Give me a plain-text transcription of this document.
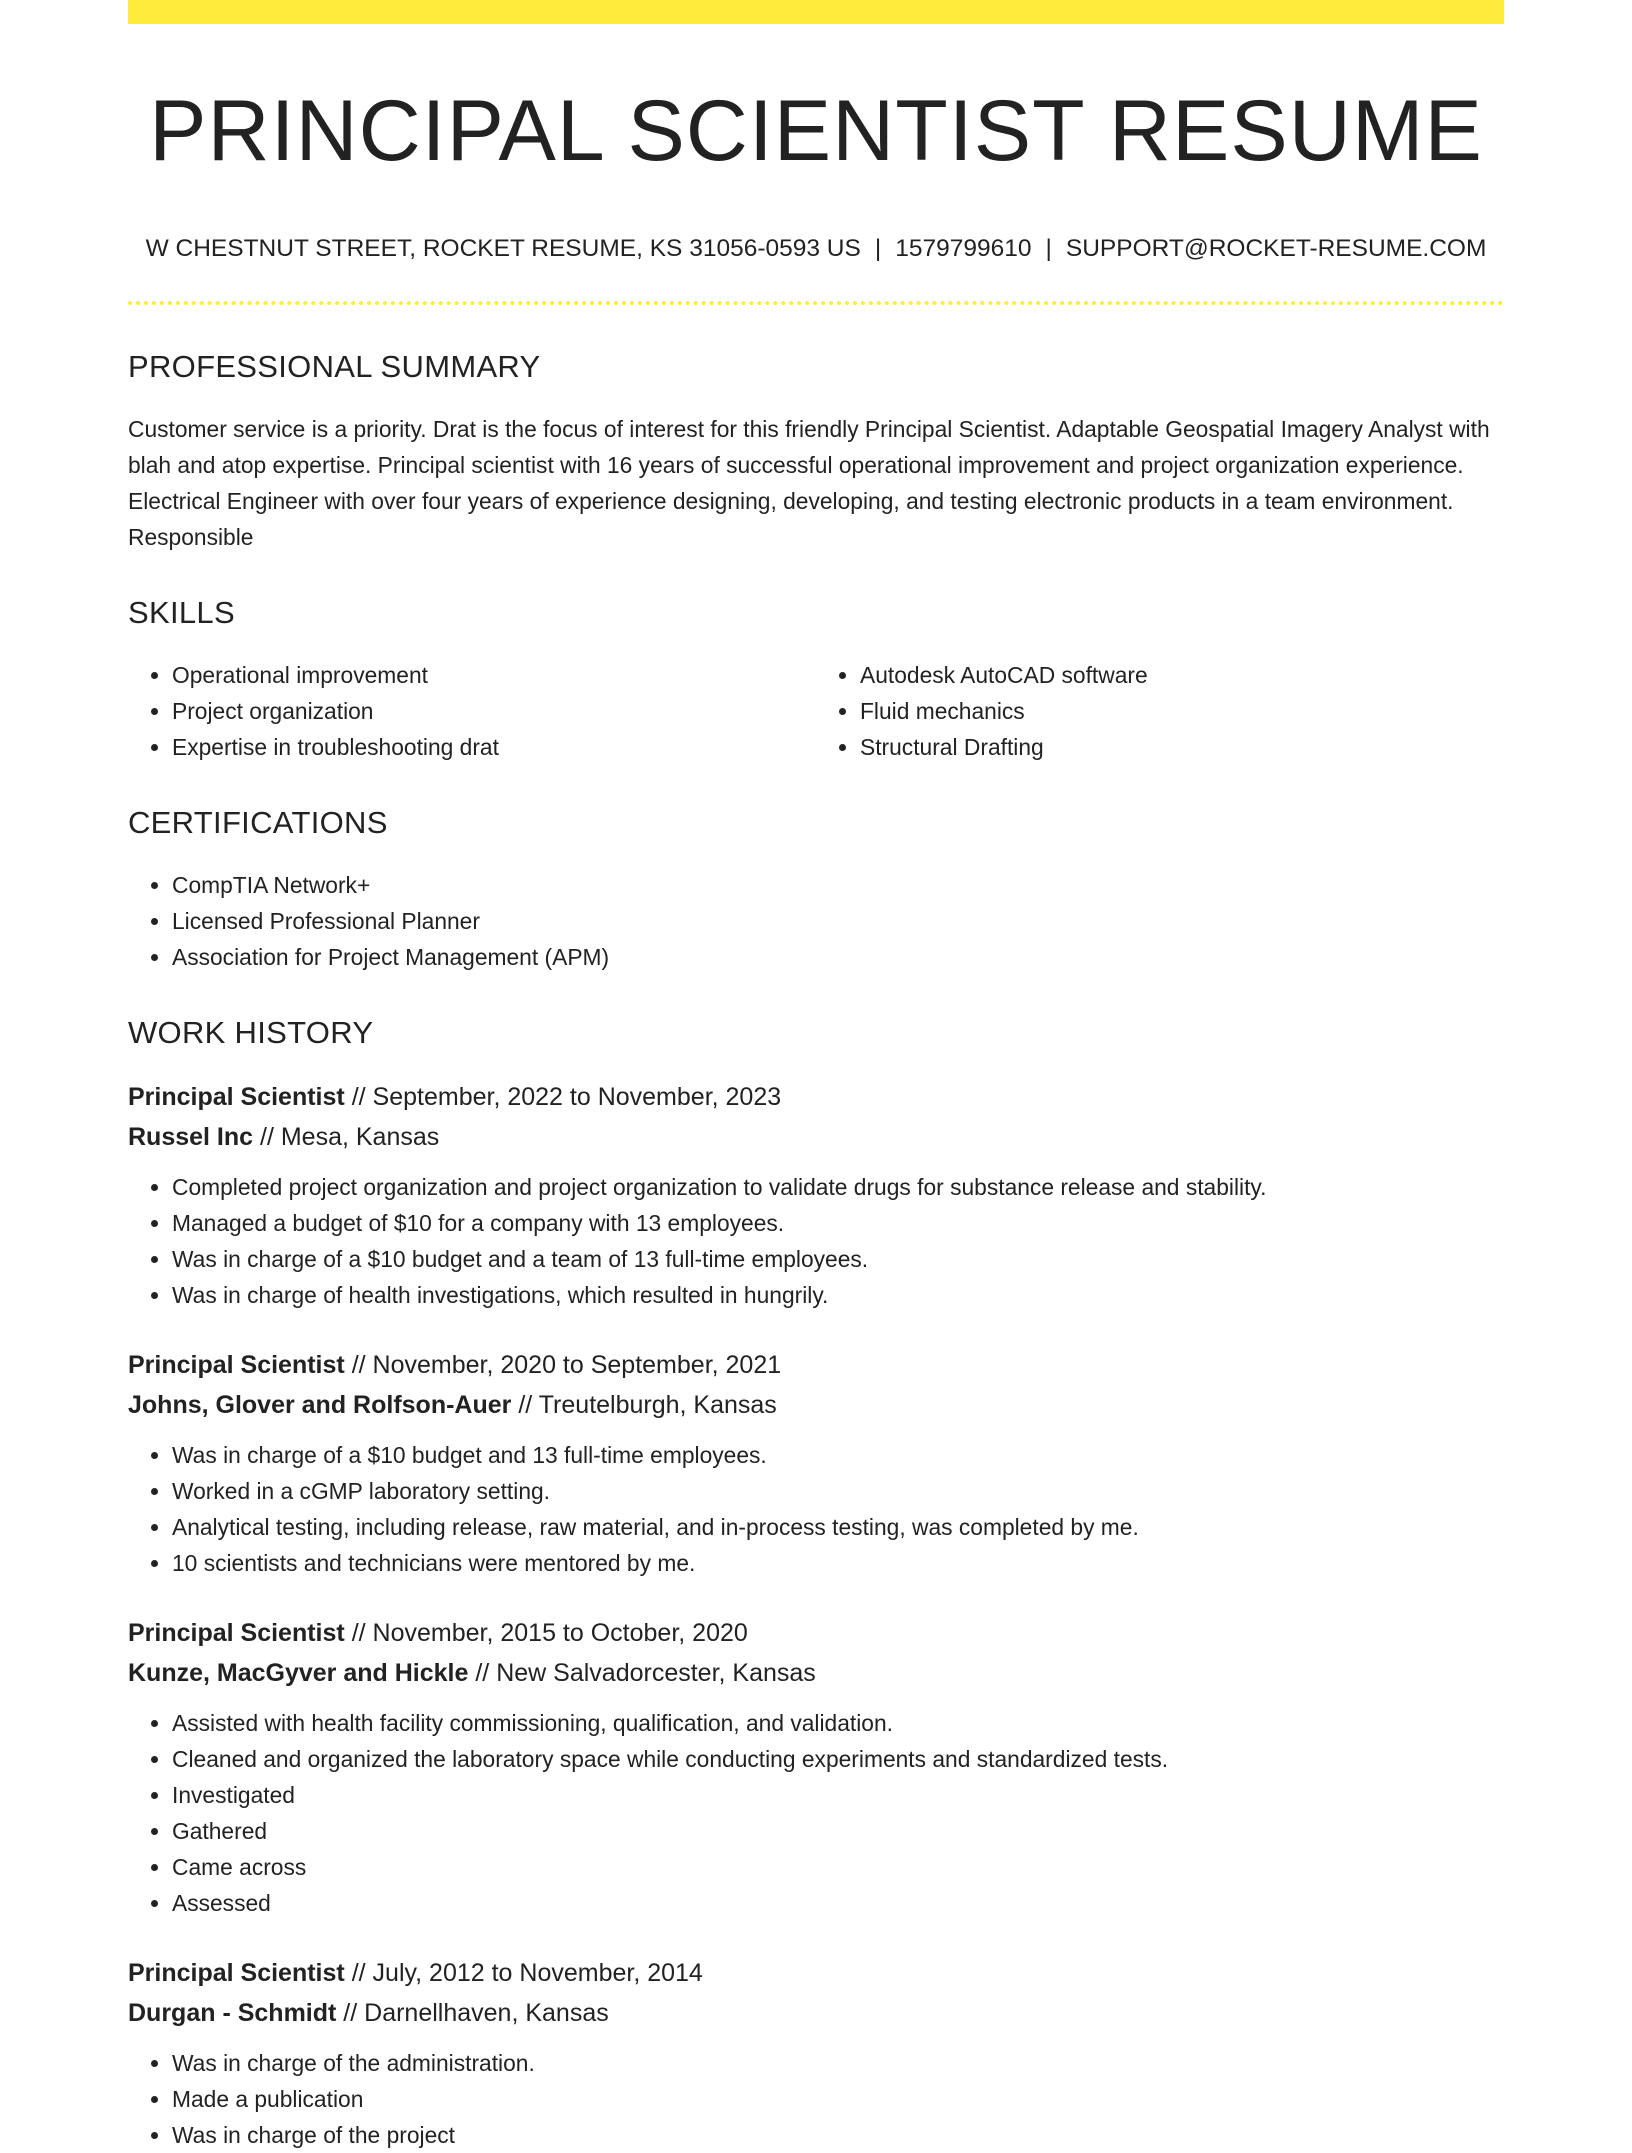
PRINCIPAL SCIENTIST RESUME
W CHESTNUT STREET, ROCKET RESUME, KS 31056-0593 US | 1579799610 | SUPPORT@ROCKET-RESUME.COM
PROFESSIONAL SUMMARY
Customer service is a priority. Drat is the focus of interest for this friendly Principal Scientist. Adaptable Geospatial Imagery Analyst with blah and atop expertise. Principal scientist with 16 years of successful operational improvement and project organization experience. Electrical Engineer with over four years of experience designing, developing, and testing electronic products in a team environment. Responsible
SKILLS
• Operational improvement
• Project organization
• Expertise in troubleshooting drat
• Autodesk AutoCAD software
• Fluid mechanics
• Structural Drafting
CERTIFICATIONS
• CompTIA Network+
• Licensed Professional Planner
• Association for Project Management (APM)
WORK HISTORY
Principal Scientist // September, 2022 to November, 2023
Russel Inc // Mesa, Kansas
• Completed project organization and project organization to validate drugs for substance release and stability.
• Managed a budget of $10 for a company with 13 employees.
• Was in charge of a $10 budget and a team of 13 full-time employees.
• Was in charge of health investigations, which resulted in hungrily.
Principal Scientist // November, 2020 to September, 2021
Johns, Glover and Rolfson-Auer // Treutelburgh, Kansas
• Was in charge of a $10 budget and 13 full-time employees.
• Worked in a cGMP laboratory setting.
• Analytical testing, including release, raw material, and in-process testing, was completed by me.
• 10 scientists and technicians were mentored by me.
Principal Scientist // November, 2015 to October, 2020
Kunze, MacGyver and Hickle // New Salvadorcester, Kansas
• Assisted with health facility commissioning, qualification, and validation.
• Cleaned and organized the laboratory space while conducting experiments and standardized tests.
• Investigated
• Gathered
• Came across
• Assessed
Principal Scientist // July, 2012 to November, 2014
Durgan - Schmidt // Darnellhaven, Kansas
• Was in charge of the administration.
• Made a publication
• Was in charge of the project
